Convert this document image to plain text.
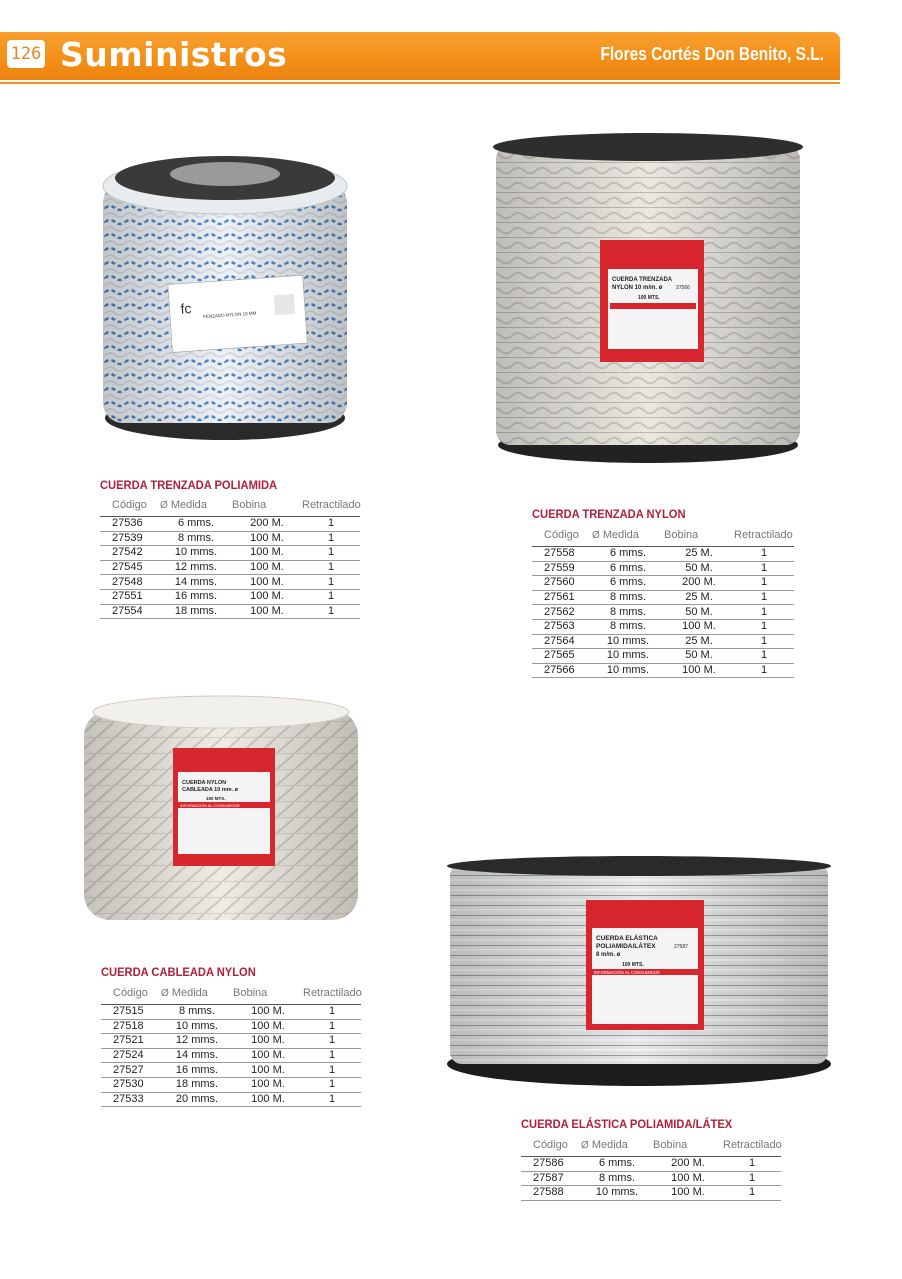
126 Suministros	Flores Cortés Don Benito, S.L.
fc FENZADO NYLON 10 MM
CUERDA TRENZADA
NYLON 10 m/m. ø
100 MTS.
27566
CUERDA NYLON
CABLEADA 10 mm. ø
100 MTS.
INFORMACIÓN AL CONSUMIDOR
CUERDA ELÁSTICA
POLIAMIDA/LÁTEX
8 m/m. ø
100 MTS.
27587
INFORMACIÓN AL CONSUMIDOR
CUERDA TRENZADA POLIAMIDA
Código	Ø Medida	Bobina	Retractilado
27536	6 mms.	200 M.	1
27539	8 mms.	100 M.	1
27542	10 mms.	100 M.	1
27545	12 mms.	100 M.	1
27548	14 mms.	100 M.	1
27551	16 mms.	100 M.	1
27554	18 mms.	100 M.	1
CUERDA TRENZADA NYLON
Código	Ø Medida	Bobina	Retractilado
27558	6 mms.	25 M.	1
27559	6 mms.	50 M.	1
27560	6 mms.	200 M.	1
27561	8 mms.	25 M.	1
27562	8 mms.	50 M.	1
27563	8 mms.	100 M.	1
27564	10 mms.	25 M.	1
27565	10 mms.	50 M.	1
27566	10 mms.	100 M.	1
CUERDA CABLEADA NYLON
Código	Ø Medida	Bobina	Retractilado
27515	8 mms.	100 M.	1
27518	10 mms.	100 M.	1
27521	12 mms.	100 M.	1
27524	14 mms.	100 M.	1
27527	16 mms.	100 M.	1
27530	18 mms.	100 M.	1
27533	20 mms.	100 M.	1
CUERDA ELÁSTICA POLIAMIDA/LÁTEX
Código	Ø Medida	Bobina	Retractilado
27586	6 mms.	200 M.	1
27587	8 mms.	100 M.	1
27588	10 mms.	100 M.	1
